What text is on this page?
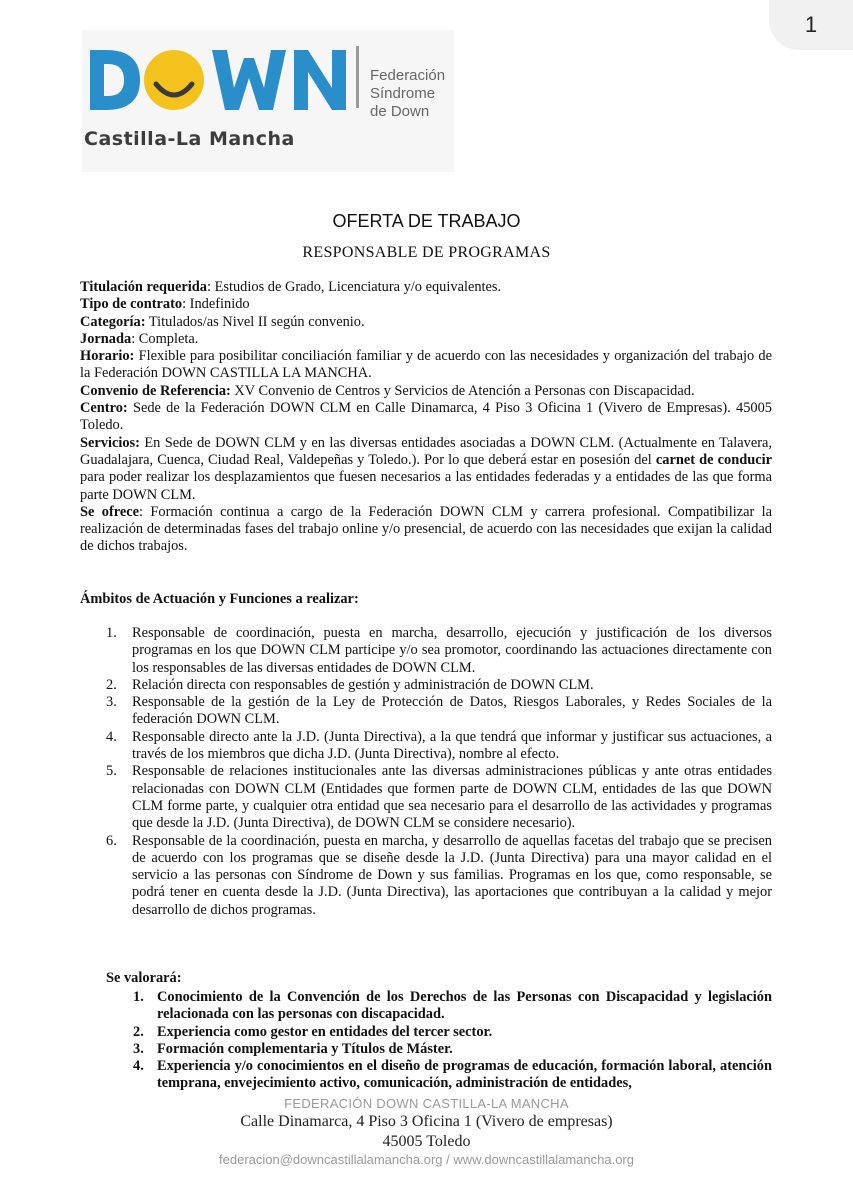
1
Federación
Síndrome
de Down
Castilla-La Mancha
OFERTA DE TRABAJO
RESPONSABLE DE PROGRAMAS

Titulación requerida: Estudios de Grado, Licenciatura y/o equivalentes.

Tipo de contrato: Indefinido

Categoría: Titulados/as Nivel II según convenio.

Jornada: Completa.

Horario: Flexible para posibilitar conciliación familiar y de acuerdo con las necesidades y organización del trabajo de la Federación DOWN CASTILLA LA MANCHA.

Convenio de Referencia: XV Convenio de Centros y Servicios de Atención a Personas con Discapacidad.

Centro: Sede de la Federación DOWN CLM en Calle Dinamarca, 4 Piso 3 Oficina 1 (Vivero de Empresas). 45005 Toledo.

Servicios: En Sede de DOWN CLM y en las diversas entidades asociadas a DOWN CLM. (Actualmente en Talavera, Guadalajara, Cuenca, Ciudad Real, Valdepeñas y Toledo.). Por lo que deberá estar en posesión del carnet de conducir para poder realizar los desplazamientos que fuesen necesarios a las entidades federadas y a entidades de las que forma parte DOWN CLM.

Se ofrece: Formación continua a cargo de la Federación DOWN CLM y carrera profesional. Compatibilizar la realización de determinadas fases del trabajo online y/o presencial, de acuerdo con las necesidades que exijan la calidad de dichos trabajos.

Ámbitos de Actuación y Funciones a realizar:
1. Responsable de coordinación, puesta en marcha, desarrollo, ejecución y justificación de los diversos programas en los que DOWN CLM participe y/o sea promotor, coordinando las actuaciones directamente con los responsables de las diversas entidades de DOWN CLM.
2. Relación directa con responsables de gestión y administración de DOWN CLM.
3. Responsable de la gestión de la Ley de Protección de Datos, Riesgos Laborales, y Redes Sociales de la federación DOWN CLM.
4. Responsable directo ante la J.D. (Junta Directiva), a la que tendrá que informar y justificar sus actuaciones, a través de los miembros que dicha J.D. (Junta Directiva), nombre al efecto.
5. Responsable de relaciones institucionales ante las diversas administraciones públicas y ante otras entidades relacionadas con DOWN CLM (Entidades que formen parte de DOWN CLM, entidades de las que DOWN CLM forme parte, y cualquier otra entidad que sea necesario para el desarrollo de las actividades y programas que desde la J.D. (Junta Directiva), de DOWN CLM se considere necesario).
6. Responsable de la coordinación, puesta en marcha, y desarrollo de aquellas facetas del trabajo que se precisen de acuerdo con los programas que se diseñe desde la J.D. (Junta Directiva) para una mayor calidad en el servicio a las personas con Síndrome de Down y sus familias. Programas en los que, como responsable, se podrá tener en cuenta desde la J.D. (Junta Directiva), las aportaciones que contribuyan a la calidad y mejor desarrollo de dichos programas.
Se valorará:
1. Conocimiento de la Convención de los Derechos de las Personas con Discapacidad y legislación relacionada con las personas con discapacidad.
2. Experiencia como gestor en entidades del tercer sector.
3. Formación complementaria y Títulos de Máster.
4. Experiencia y/o conocimientos en el diseño de programas de educación, formación laboral, atención temprana, envejecimiento activo, comunicación, administración de entidades,
FEDERACIÓN DOWN CASTILLA-LA MANCHA
Calle Dinamarca, 4 Piso 3 Oficina 1 (Vivero de empresas)
45005 Toledo
federacion@downcastillalamancha.org / www.downcastillalamancha.org
